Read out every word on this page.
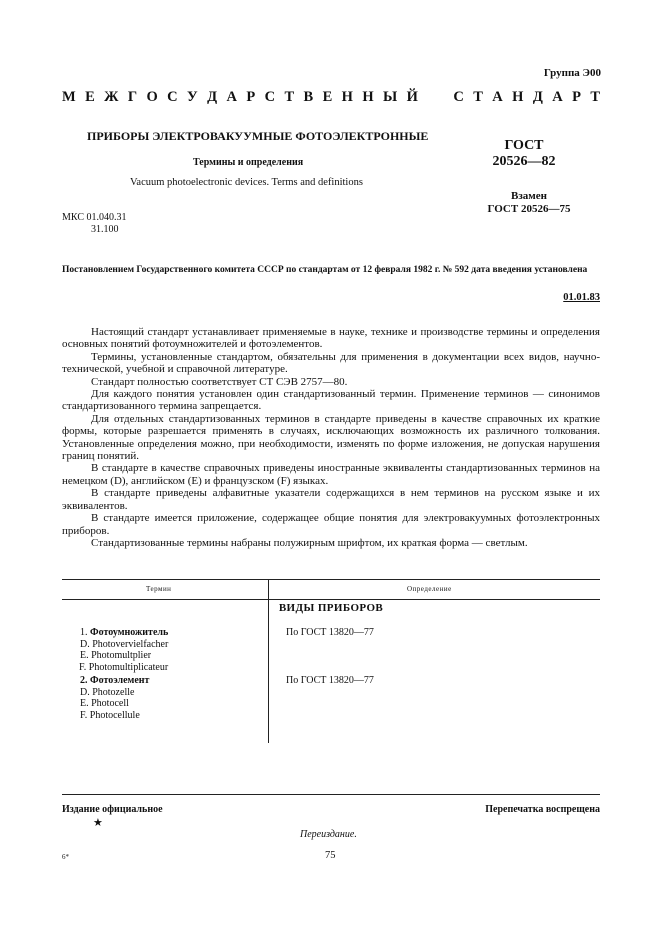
Группа Э00
М Е Ж Г О С У Д А Р С Т В Е Н Н Ы Й

С Т А Н Д А Р Т
ПРИБОРЫ ЭЛЕКТРОВАКУУМНЫЕ ФОТОЭЛЕКТРОННЫЕ
Термины и определения
Vacuum photoelectronic devices. Terms and definitions
ГОСТ
20526—82
Взамен
ГОСТ 20526—75
МКС 01.040.31
31.100
Постановлением Государственного комитета СССР по стандартам от 12 февраля 1982 г. № 592 дата введения установлена
01.01.83

Настоящий стандарт устанавливает применяемые в науке, технике и производстве термины и определения основных понятий фотоумножителей и фотоэлементов.

Термины, установленные стандартом, обязательны для применения в документации всех видов, научно-технической, учебной и справочной литературе.

Стандарт полностью соответствует СТ СЭВ 2757—80.

Для каждого понятия установлен один стандартизованный термин. Применение терминов — синонимов стандартизованного термина запрещается.

Для отдельных стандартизованных терминов в стандарте приведены в качестве справочных их краткие формы, которые разрешается применять в случаях, исключающих возможность их различного толкования. Установленные определения можно, при необходимости, изменять по форме изложения, не допуская нарушения границ понятий.

В стандарте в качестве справочных приведены иностранные эквиваленты стандартизованных терминов на немецком (D), английском (E) и французском (F) языках.

В стандарте приведены алфавитные указатели содержащихся в нем терминов на русском языке и их эквивалентов.

В стандарте имеется приложение, содержащее общие понятия для электровакуумных фотоэлектронных приборов.

Стандартизованные термины набраны полужирным шрифтом, их краткая форма — светлым.

Термин	Определение
ВИДЫ ПРИБОРОВ
1. Фотоумножитель
D. Photovervielfacher
E. Photomultplier
F. Photomultiplicateur
По ГОСТ 13820—77
2. Фотоэлемент
D. Photozelle
E. Photocell
F. Photocellule
По ГОСТ 13820—77
Издание официальное
★
Перепечатка воспрещена
Переиздание.
6*	75
